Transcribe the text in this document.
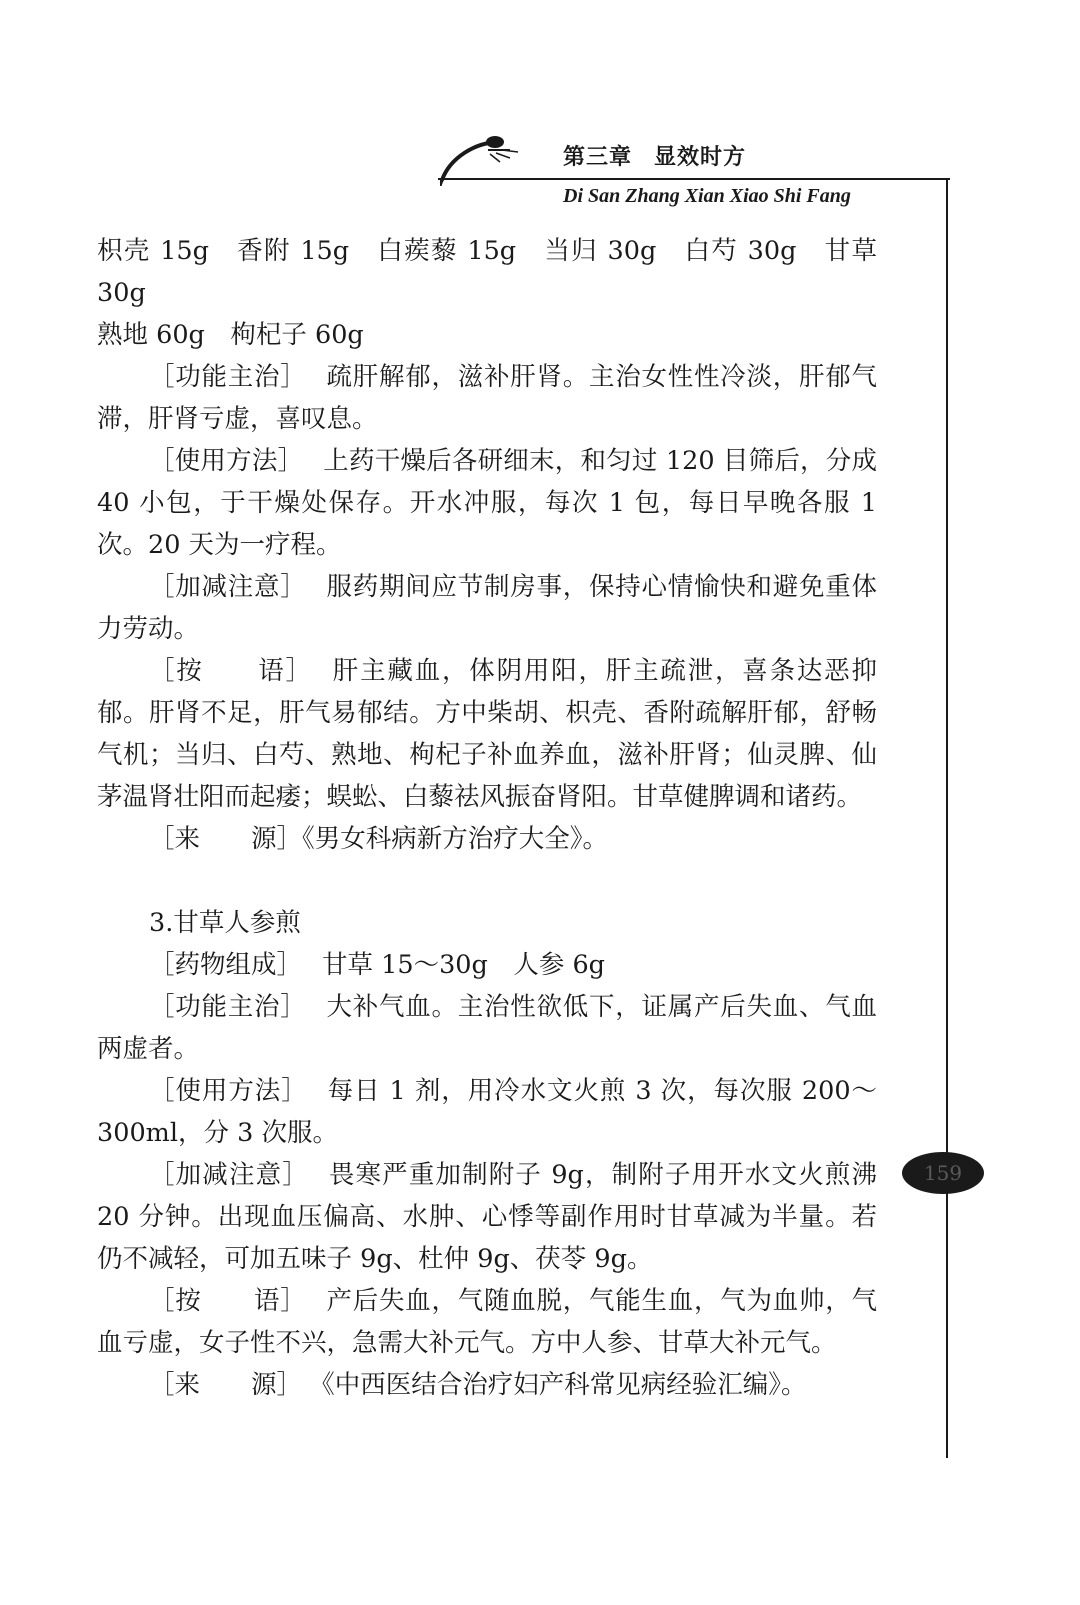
第三章 显效时方
Di San Zhang Xian Xiao Shi Fang

枳壳 15g　香附 15g　白蒺藜 15g　当归 30g　白芍 30g　甘草 30g

熟地 60g　枸杞子 60g

［功能主治］ 疏肝解郁，滋补肝肾。主治女性性冷淡，肝郁气滞，肝肾亏虚，喜叹息。

［使用方法］ 上药干燥后各研细末，和匀过 120 目筛后，分成 40 小包，于干燥处保存。开水冲服，每次 1 包，每日早晚各服 1 次。20 天为一疗程。

［加减注意］ 服药期间应节制房事，保持心情愉快和避免重体力劳动。

［按　　语］ 肝主藏血，体阴用阳，肝主疏泄，喜条达恶抑郁。肝肾不足，肝气易郁结。方中柴胡、枳壳、香附疏解肝郁，舒畅气机；当归、白芍、熟地、枸杞子补血养血，滋补肝肾；仙灵脾、仙茅温肾壮阳而起痿；蜈蚣、白藜祛风振奋肾阳。甘草健脾调和诸药。

［来　　源］《男女科病新方治疗大全》。

3.甘草人参煎

［药物组成］ 甘草 15～30g　人参 6g

［功能主治］ 大补气血。主治性欲低下，证属产后失血、气血两虚者。

［使用方法］ 每日 1 剂，用冷水文火煎 3 次，每次服 200～300ml，分 3 次服。

［加减注意］ 畏寒严重加制附子 9g，制附子用开水文火煎沸 20 分钟。出现血压偏高、水肿、心悸等副作用时甘草减为半量。若仍不减轻，可加五味子 9g、杜仲 9g、茯苓 9g。

［按　　语］ 产后失血，气随血脱，气能生血，气为血帅，气血亏虚，女子性不兴，急需大补元气。方中人参、甘草大补元气。

［来　　源］ 《中西医结合治疗妇产科常见病经验汇编》。

159
